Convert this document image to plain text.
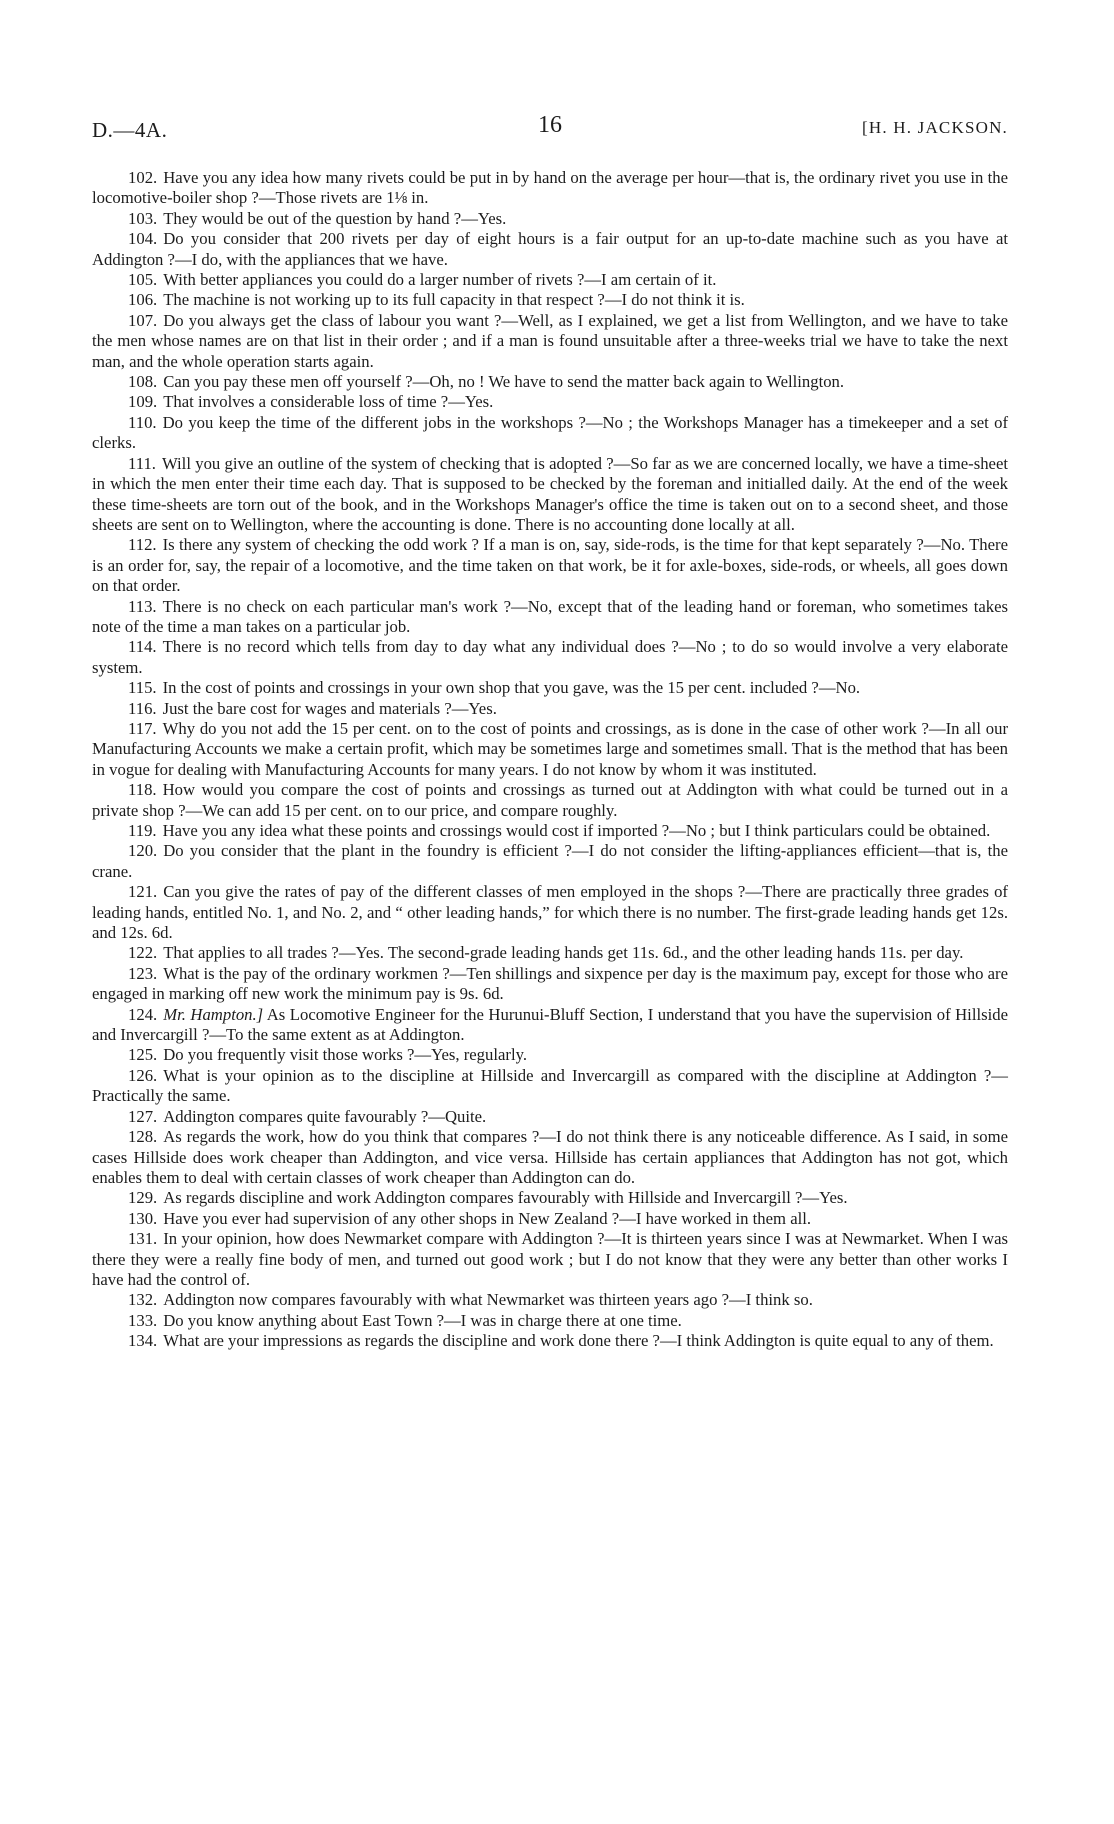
D.—4A.	16	[H. H. JACKSON.

102. Have you any idea how many rivets could be put in by hand on the average per hour—that is, the ordinary rivet you use in the locomotive-boiler shop ?—Those rivets are 1⅛ in.

103. They would be out of the question by hand ?—Yes.

104. Do you consider that 200 rivets per day of eight hours is a fair output for an up-to-date machine such as you have at Addington ?—I do, with the appliances that we have.

105. With better appliances you could do a larger number of rivets ?—I am certain of it.

106. The machine is not working up to its full capacity in that respect ?—I do not think it is.

107. Do you always get the class of labour you want ?—Well, as I explained, we get a list from Wellington, and we have to take the men whose names are on that list in their order ; and if a man is found unsuitable after a three-weeks trial we have to take the next man, and the whole operation starts again.

108. Can you pay these men off yourself ?—Oh, no ! We have to send the matter back again to Wellington.

109. That involves a considerable loss of time ?—Yes.

110. Do you keep the time of the different jobs in the workshops ?—No ; the Workshops Manager has a timekeeper and a set of clerks.

111. Will you give an outline of the system of checking that is adopted ?—So far as we are concerned locally, we have a time-sheet in which the men enter their time each day. That is supposed to be checked by the foreman and initialled daily. At the end of the week these time-sheets are torn out of the book, and in the Workshops Manager's office the time is taken out on to a second sheet, and those sheets are sent on to Wellington, where the accounting is done. There is no accounting done locally at all.

112. Is there any system of checking the odd work ? If a man is on, say, side-rods, is the time for that kept separately ?—No. There is an order for, say, the repair of a locomotive, and the time taken on that work, be it for axle-boxes, side-rods, or wheels, all goes down on that order.

113. There is no check on each particular man's work ?—No, except that of the leading hand or foreman, who sometimes takes note of the time a man takes on a particular job.

114. There is no record which tells from day to day what any individual does ?—No ; to do so would involve a very elaborate system.

115. In the cost of points and crossings in your own shop that you gave, was the 15 per cent. included ?—No.

116. Just the bare cost for wages and materials ?—Yes.

117. Why do you not add the 15 per cent. on to the cost of points and crossings, as is done in the case of other work ?—In all our Manufacturing Accounts we make a certain profit, which may be sometimes large and sometimes small. That is the method that has been in vogue for dealing with Manufacturing Accounts for many years. I do not know by whom it was instituted.

118. How would you compare the cost of points and crossings as turned out at Addington with what could be turned out in a private shop ?—We can add 15 per cent. on to our price, and compare roughly.

119. Have you any idea what these points and crossings would cost if imported ?—No ; but I think particulars could be obtained.

120. Do you consider that the plant in the foundry is efficient ?—I do not consider the lifting-appliances efficient—that is, the crane.

121. Can you give the rates of pay of the different classes of men employed in the shops ?—There are practically three grades of leading hands, entitled No. 1, and No. 2, and “ other leading hands,” for which there is no number. The first-grade leading hands get 12s. and 12s. 6d.

122. That applies to all trades ?—Yes. The second-grade leading hands get 11s. 6d., and the other leading hands 11s. per day.

123. What is the pay of the ordinary workmen ?—Ten shillings and sixpence per day is the maximum pay, except for those who are engaged in marking off new work the minimum pay is 9s. 6d.

124. Mr. Hampton.] As Locomotive Engineer for the Hurunui-Bluff Section, I understand that you have the supervision of Hillside and Invercargill ?—To the same extent as at Addington.

125. Do you frequently visit those works ?—Yes, regularly.

126. What is your opinion as to the discipline at Hillside and Invercargill as compared with the discipline at Addington ?—Practically the same.

127. Addington compares quite favourably ?—Quite.

128. As regards the work, how do you think that compares ?—I do not think there is any noticeable difference. As I said, in some cases Hillside does work cheaper than Addington, and vice versa. Hillside has certain appliances that Addington has not got, which enables them to deal with certain classes of work cheaper than Addington can do.

129. As regards discipline and work Addington compares favourably with Hillside and Invercargill ?—Yes.

130. Have you ever had supervision of any other shops in New Zealand ?—I have worked in them all.

131. In your opinion, how does Newmarket compare with Addington ?—It is thirteen years since I was at Newmarket. When I was there they were a really fine body of men, and turned out good work ; but I do not know that they were any better than other works I have had the control of.

132. Addington now compares favourably with what Newmarket was thirteen years ago ?—I think so.

133. Do you know anything about East Town ?—I was in charge there at one time.

134. What are your impressions as regards the discipline and work done there ?—I think Addington is quite equal to any of them.
